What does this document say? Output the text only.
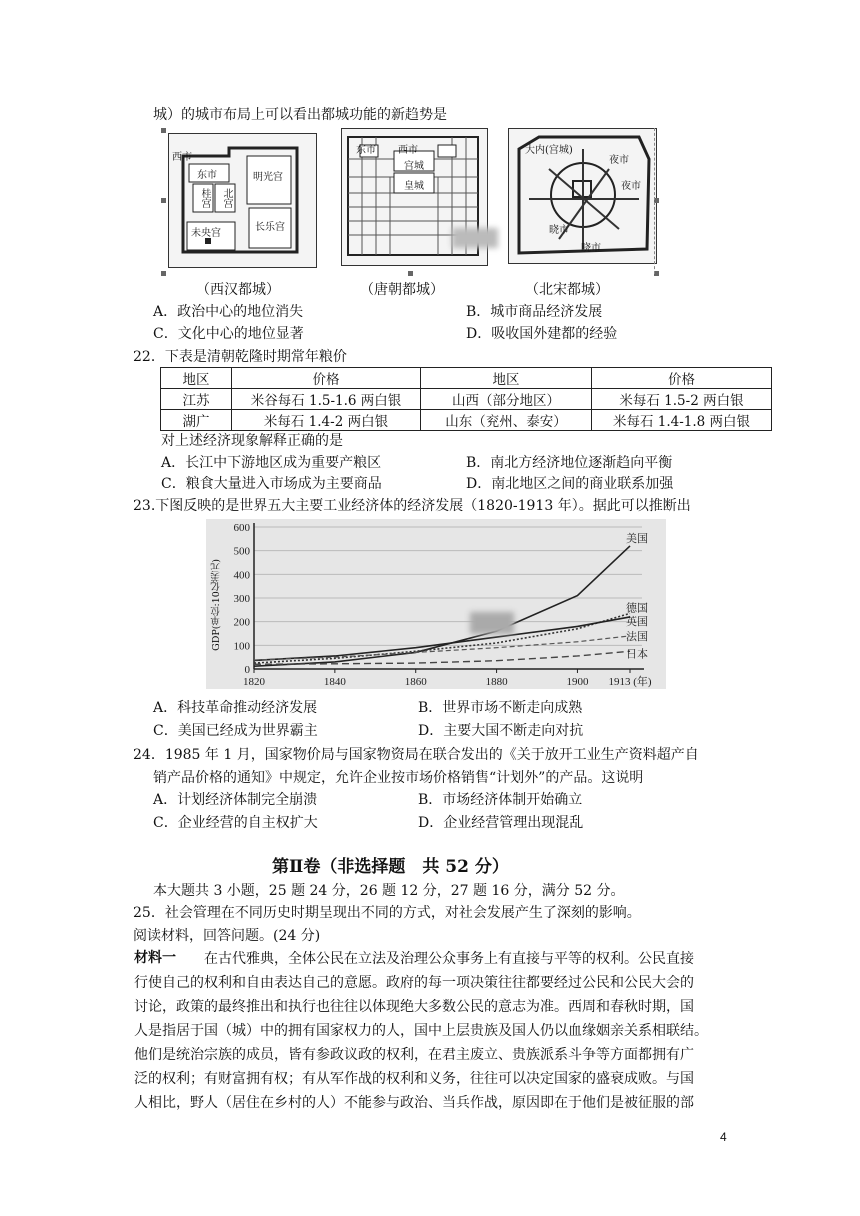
城）的城市布局上可以看出都城功能的新趋势是
西市
东市	明光宫
桂宫 北宫
长乐宫
未央宫
（西汉都城）
东市 西市
宫城
皇城
（唐朝都城）
大内(宫城)
夜市
夜市
晓市
晓市
（北宋都城）
A．政治中心的地位消失	B．城市商品经济发展
C．文化中心的地位显著	D．吸收国外建都的经验
22．下表是清朝乾隆时期常年粮价
地区	价格	地区	价格
江苏	米谷每石 1.5-1.6 两白银	山西（部分地区）	米每石 1.5-2 两白银
湖广	米每石 1.4-2 两白银	山东（兖州、泰安）	米每石 1.4-1.8 两白银
对上述经济现象解释正确的是
A．长江中下游地区成为重要产粮区	B．南北方经济地位逐渐趋向平衡
C．粮食大量进入市场成为主要商品	D．南北地区之间的商业联系加强
23.下图反映的是世界五大主要工业经济体的经济发展（1820-1913 年）。据此可以推断出
600
500
400
300
200
100
0
1820	1840	1860	1880	1900 1913 (年)
美国
德国
英国
法国
日本
GDP(单位:10亿美元)
A．科技革命推动经济发展	B．世界市场不断走向成熟
C．美国已经成为世界霸主	D．主要大国不断走向对抗
24．1985 年 1 月，国家物价局与国家物资局在联合发出的《关于放开工业生产资料超产自
销产品价格的通知》中规定，允许企业按市场价格销售“计划外”的产品。这说明
A．计划经济体制完全崩溃	B．市场经济体制开始确立
C．企业经营的自主权扩大	D．企业经营管理出现混乱
第Ⅱ卷（非选择题　共 52 分）
本大题共 3 小题，25 题 24 分，26 题 12 分，27 题 16 分，满分 52 分。
25．社会管理在不同历史时期呈现出不同的方式，对社会发展产生了深刻的影响。
阅读材料，回答问题。(24 分)
材料一	在古代雅典，全体公民在立法及治理公众事务上有直接与平等的权利。公民直接
行使自己的权利和自由表达自己的意愿。政府的每一项决策往往都要经过公民和公民大会的
讨论，政策的最终推出和执行也往往以体现绝大多数公民的意志为准。西周和春秋时期，国
人是指居于国（城）中的拥有国家权力的人，国中上层贵族及国人仍以血缘姻亲关系相联结。
他们是统治宗族的成员，皆有参政议政的权利，在君主废立、贵族派系斗争等方面都拥有广
泛的权利；有财富拥有权；有从军作战的权利和义务，往往可以决定国家的盛衰成败。与国
人相比，野人（居住在乡村的人）不能参与政治、当兵作战，原因即在于他们是被征服的部
4
